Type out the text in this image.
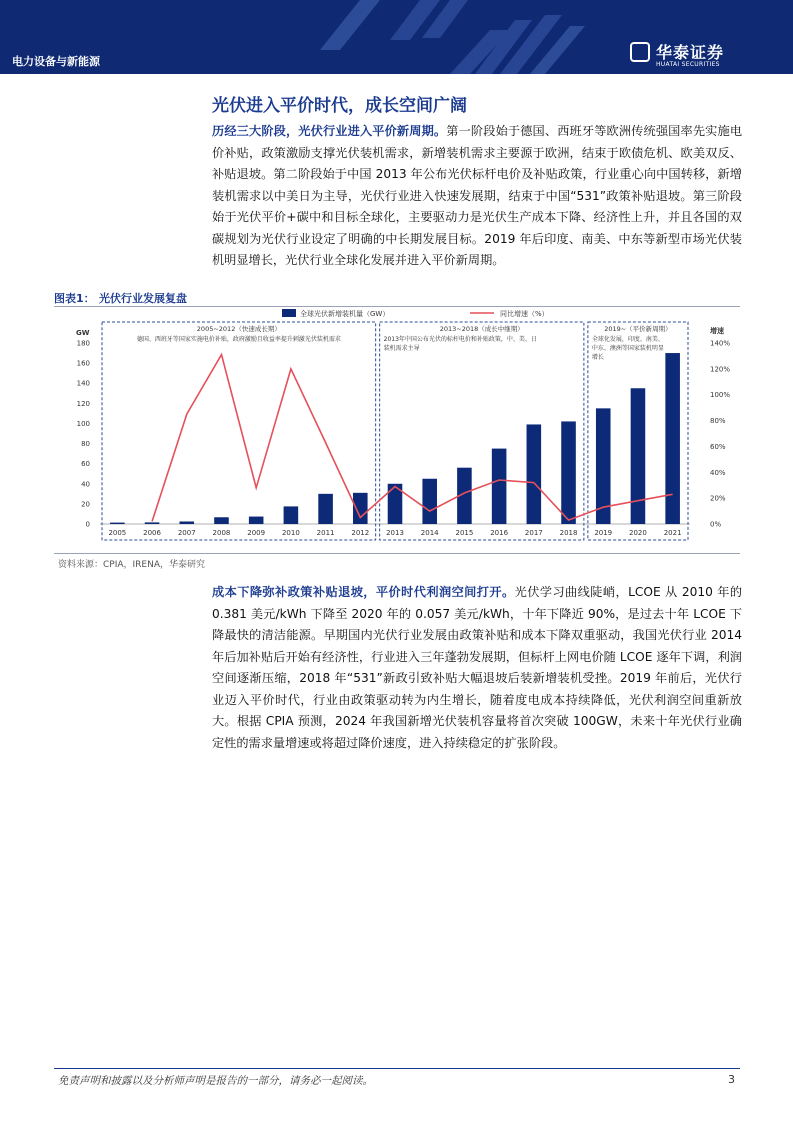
电力设备与新能源	华泰证券
HUATAI SECURITIES
光伏进入平价时代，成长空间广阔
历经三大阶段，光伏行业进入平价新周期。第一阶段始于德国、西班牙等欧洲传统强国率先实施电价补贴，政策激励支撑光伏装机需求，新增装机需求主要源于欧洲，结束于欧债危机、欧美双反、补贴退坡。第二阶段始于中国 2013 年公布光伏标杆电价及补贴政策，行业重心向中国转移，新增装机需求以中美日为主导，光伏行业进入快速发展期，结束于中国“531”政策补贴退坡。第三阶段始于光伏平价+碳中和目标全球化，主要驱动力是光伏生产成本下降、经济性上升，并且各国的双碳规划为光伏行业设定了明确的中长期发展目标。2019 年后印度、南美、中东等新型市场光伏装机明显增长，光伏行业全球化发展并进入平价新周期。
图表1： 光伏行业发展复盘
全球光伏新增装机量（GW）	同比增速（%）
GW
0
20
40
60
80
100
120
140
160
180
增速
0%
20%
40%
60%
80%
100%
120%
140%
2005~2012（快速成长期）
德国、西班牙等国家实施电价补贴，政府激励且收益率提升刺激光伏装机需求
2013~2018（成长中继期）
2013年中国公布光伏的标杆电价和补贴政策，中、美、日
装机需求主导
2019~（平价新周期）
全球化发展，印度、南美、
中东、澳洲等国家装机明显
增长
2005 2006 2007 2008 2009 2010 2011 2012 2013 2014 2015 2016 2017 2018 2019 2020 2021
资料来源：CPIA，IRENA，华泰研究
成本下降弥补政策补贴退坡，平价时代利润空间打开。光伏学习曲线陡峭，LCOE 从 2010 年的 0.381 美元/kWh 下降至 2020 年的 0.057 美元/kWh，十年下降近 90%，是过去十年 LCOE 下降最快的清洁能源。早期国内光伏行业发展由政策补贴和成本下降双重驱动，我国光伏行业 2014 年后加补贴后开始有经济性，行业进入三年蓬勃发展期，但标杆上网电价随 LCOE 逐年下调，利润空间逐渐压缩，2018 年“531”新政引致补贴大幅退坡后装新增装机受挫。2019 年前后，光伏行业迈入平价时代，行业由政策驱动转为内生增长，随着度电成本持续降低，光伏利润空间重新放大。根据 CPIA 预测，2024 年我国新增光伏装机容量将首次突破 100GW，未来十年光伏行业确定性的需求量增速或将超过降价速度，进入持续稳定的扩张阶段。
免责声明和披露以及分析师声明是报告的一部分，请务必一起阅读。	3
